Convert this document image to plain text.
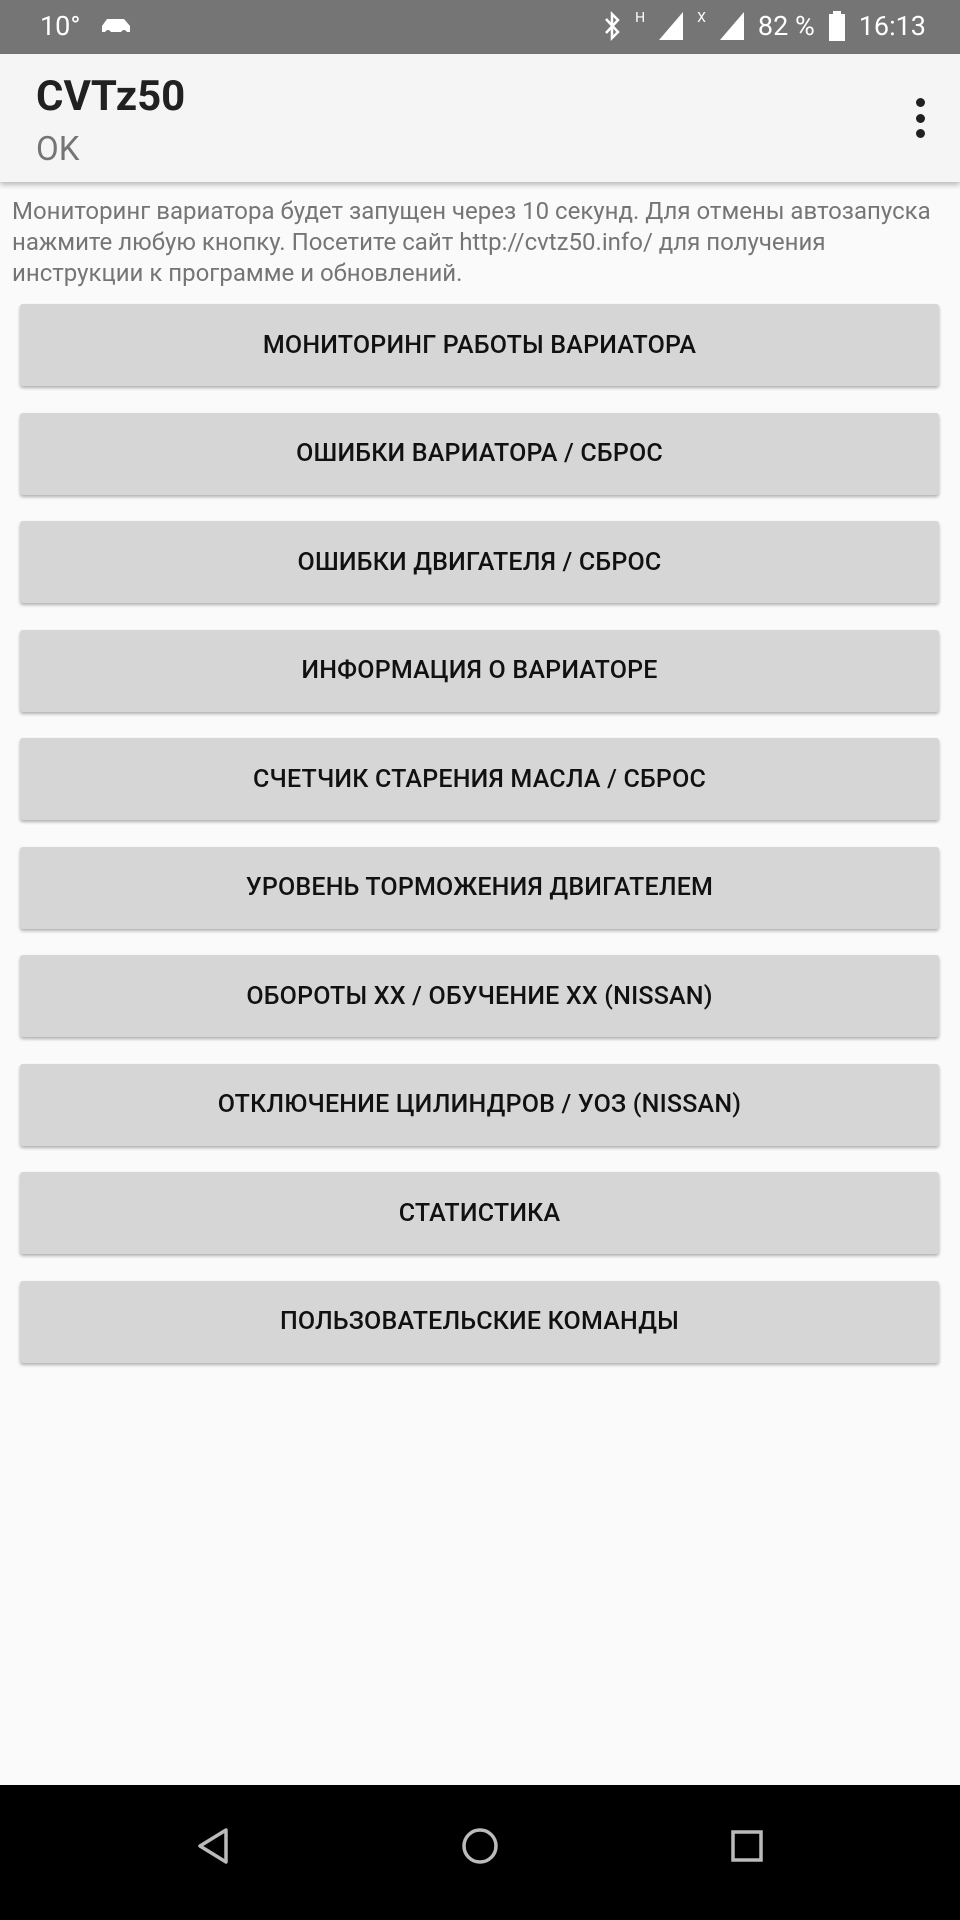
10°	H	X 82 % 16:13
CVTz50
OK
Мониторинг вариатора будет запущен через 10 секунд. Для отмены автозапуска нажмите любую кнопку. Посетите сайт http://cvtz50.info/ для получения инструкции к программе и обновлений.
МОНИТОРИНГ РАБОТЫ ВАРИАТОРА
ОШИБКИ ВАРИАТОРА / СБРОС
ОШИБКИ ДВИГАТЕЛЯ / СБРОС
ИНФОРМАЦИЯ О ВАРИАТОРЕ
СЧЕТЧИК СТАРЕНИЯ МАСЛА / СБРОС
УРОВЕНЬ ТОРМОЖЕНИЯ ДВИГАТЕЛЕМ
ОБОРОТЫ ХХ / ОБУЧЕНИЕ ХХ (NISSAN)
ОТКЛЮЧЕНИЕ ЦИЛИНДРОВ / УОЗ (NISSAN)
СТАТИСТИКА
ПОЛЬЗОВАТЕЛЬСКИЕ КОМАНДЫ
